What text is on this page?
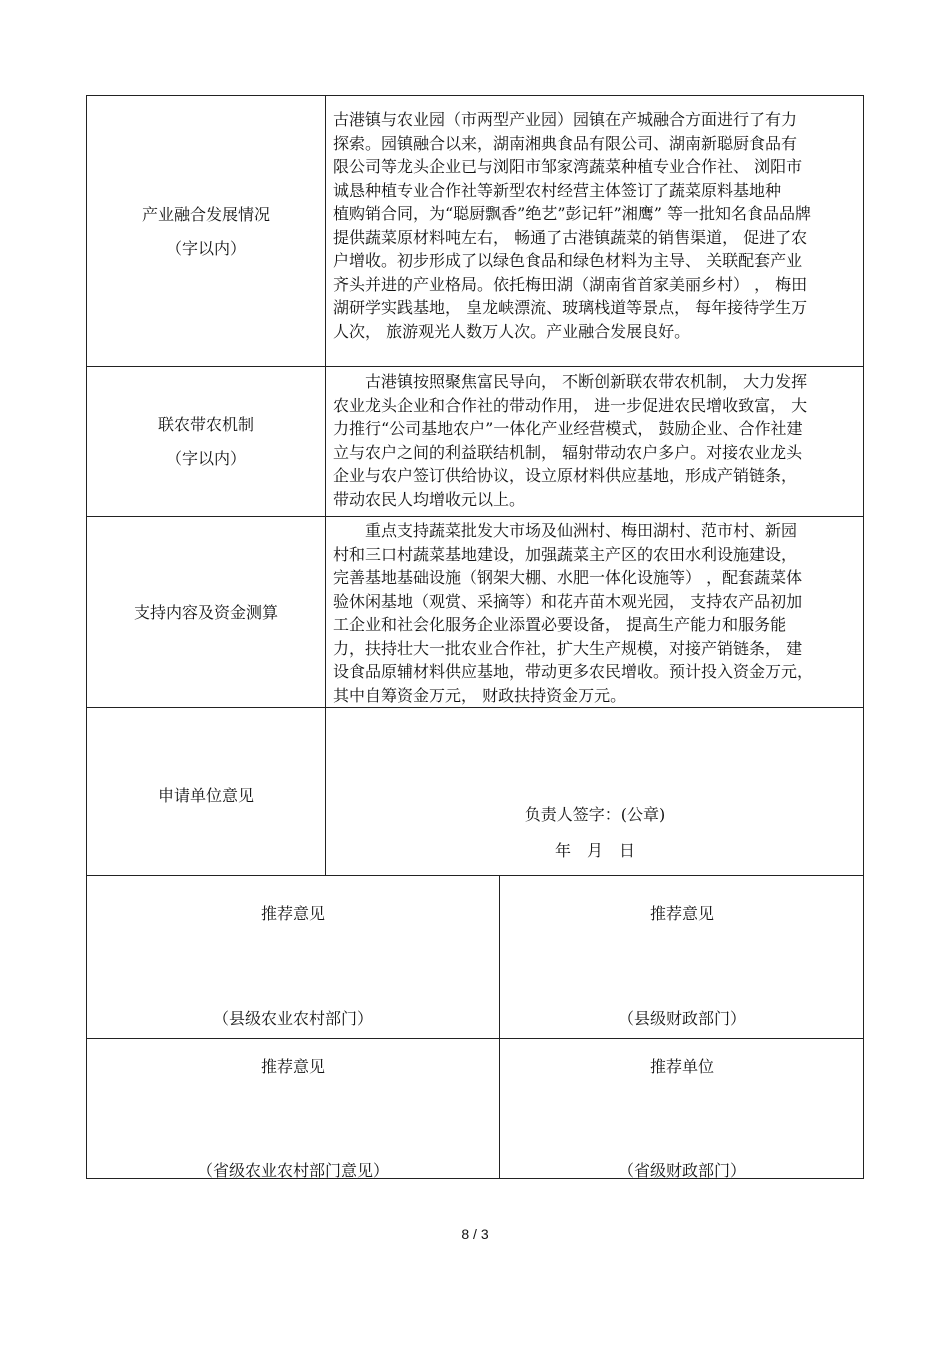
产业融合发展情况
（字以内）
古港镇与农业园（市两型产业园）园镇在产城融合方面进行了有力
探索。园镇融合以来，湖南湘典食品有限公司、湖南新聪厨食品有
限公司等龙头企业已与浏阳市邹家湾蔬菜种植专业合作社、 浏阳市
诚恳种植专业合作社等新型农村经营主体签订了蔬菜原料基地种
植购销合同，为“聪厨飘香”绝艺”彭记轩”湘鹰” 等一批知名食品品牌
提供蔬菜原材料吨左右， 畅通了古港镇蔬菜的销售渠道， 促进了农
户增收。初步形成了以绿色食品和绿色材料为主导、 关联配套产业
齐头并进的产业格局。依托梅田湖（湖南省首家美丽乡村） ， 梅田
湖研学实践基地， 皇龙峡漂流、玻璃栈道等景点， 每年接待学生万
人次， 旅游观光人数万人次。产业融合发展良好。
联农带农机制
（字以内）
古港镇按照聚焦富民导向， 不断创新联农带农机制， 大力发挥
农业龙头企业和合作社的带动作用， 进一步促进农民增收致富， 大
力推行“公司基地农户”一体化产业经营模式， 鼓励企业、合作社建
立与农户之间的利益联结机制， 辐射带动农户多户。对接农业龙头
企业与农户签订供给协议，设立原材料供应基地，形成产销链条，
带动农民人均增收元以上。
支持内容及资金测算
重点支持蔬菜批发大市场及仙洲村、梅田湖村、范市村、新园
村和三口村蔬菜基地建设，加强蔬菜主产区的农田水利设施建设，
完善基地基础设施（钢架大棚、水肥一体化设施等） ，配套蔬菜体
验休闲基地（观赏、采摘等）和花卉苗木观光园， 支持农产品初加
工企业和社会化服务企业添置必要设备， 提高生产能力和服务能
力，扶持壮大一批农业合作社，扩大生产规模，对接产销链条， 建
设食品原辅材料供应基地，带动更多农民增收。预计投入资金万元，
其中自筹资金万元， 财政扶持资金万元。
申请单位意见
负责人签字：(公章)
年　月　日
推荐意见
（县级农业农村部门）
推荐意见
（县级财政部门）
推荐意见
（省级农业农村部门意见）
推荐单位
（省级财政部门）
8 / 3
